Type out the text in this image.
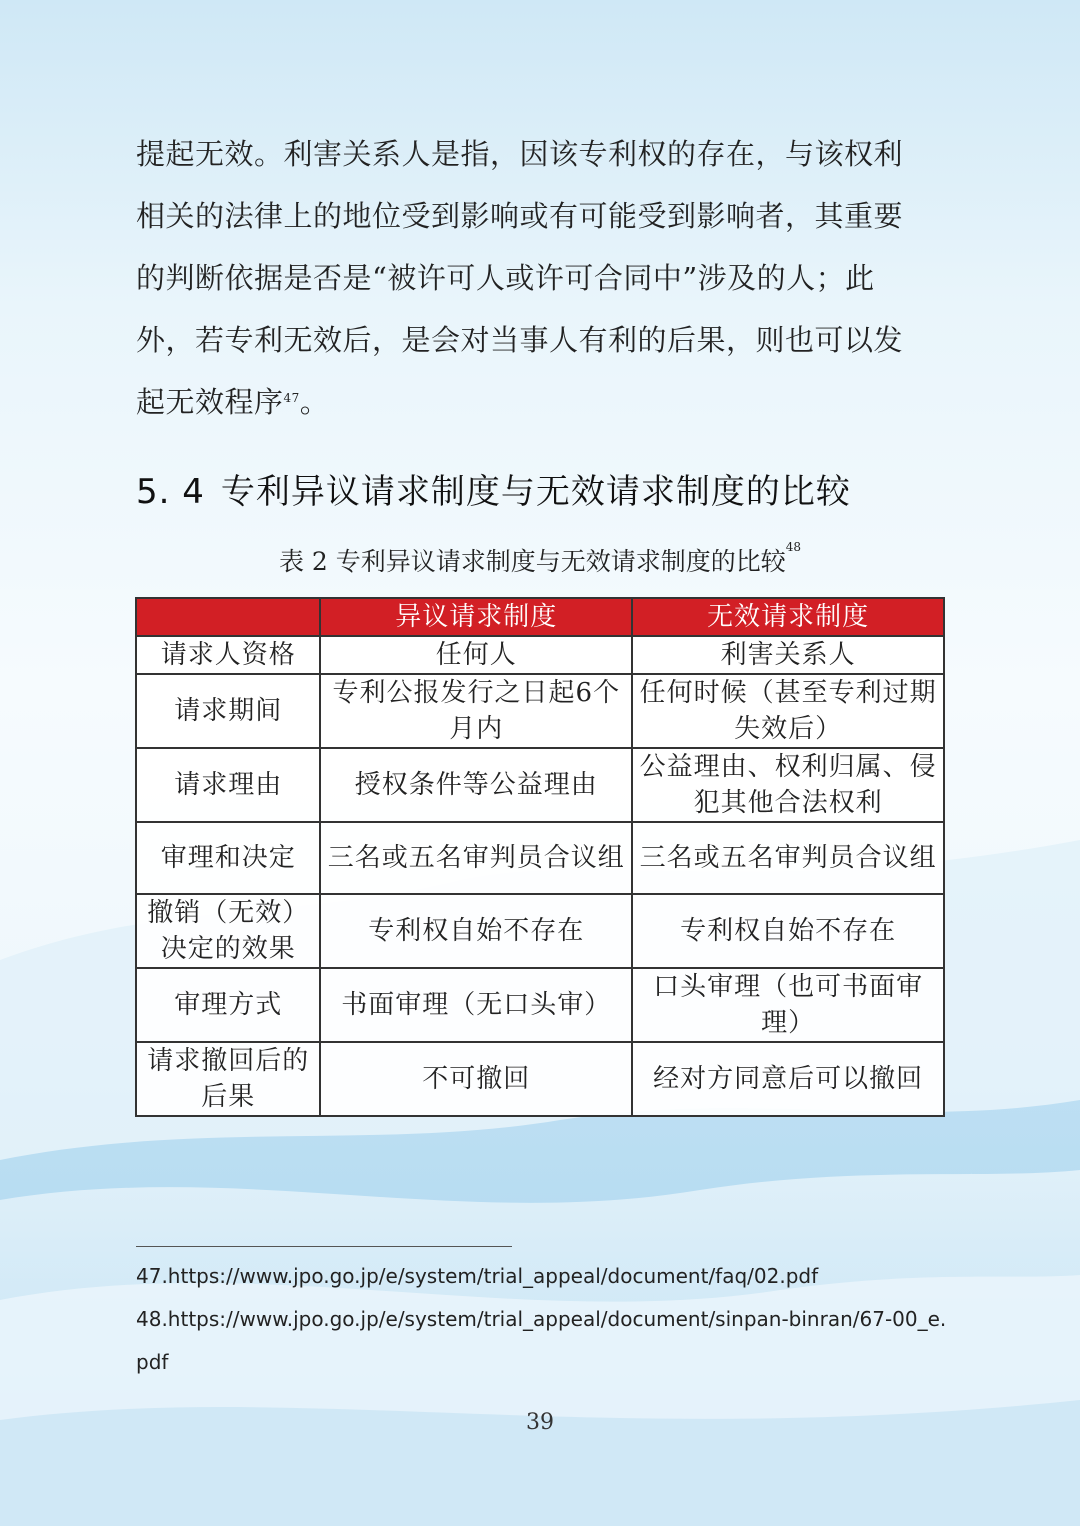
提起无效。利害关系人是指，因该专利权的存在，与该权利
相关的法律上的地位受到影响或有可能受到影响者，其重要
的判断依据是否是“被许可人或许可合同中”涉及的人；此
外，若专利无效后，是会对当事人有利的后果，则也可以发
起无效程序$^{47}$。
5. 4 专利异议请求制度与无效请求制度的比较
表 2 专利异议请求制度与无效请求制度的比较$^{48}$
	异议请求制度	无效请求制度
请求人资格	任何人	利害关系人
请求期间	专利公报发行之日起6个月内	任何时候（甚至专利过期失效后）
请求理由	授权条件等公益理由	公益理由、权利归属、侵犯其他合法权利
审理和决定	三名或五名审判员合议组	三名或五名审判员合议组
撤销（无效）决定的效果	专利权自始不存在	专利权自始不存在
审理方式	书面审理（无口头审）	口头审理（也可书面审理）
请求撤回后的后果	不可撤回	经对方同意后可以撤回
47.https://www.jpo.go.jp/e/system/trial_appeal/document/faq/02.pdf
48.https://www.jpo.go.jp/e/system/trial_appeal/document/sinpan-binran/67-00_e.
pdf
39
